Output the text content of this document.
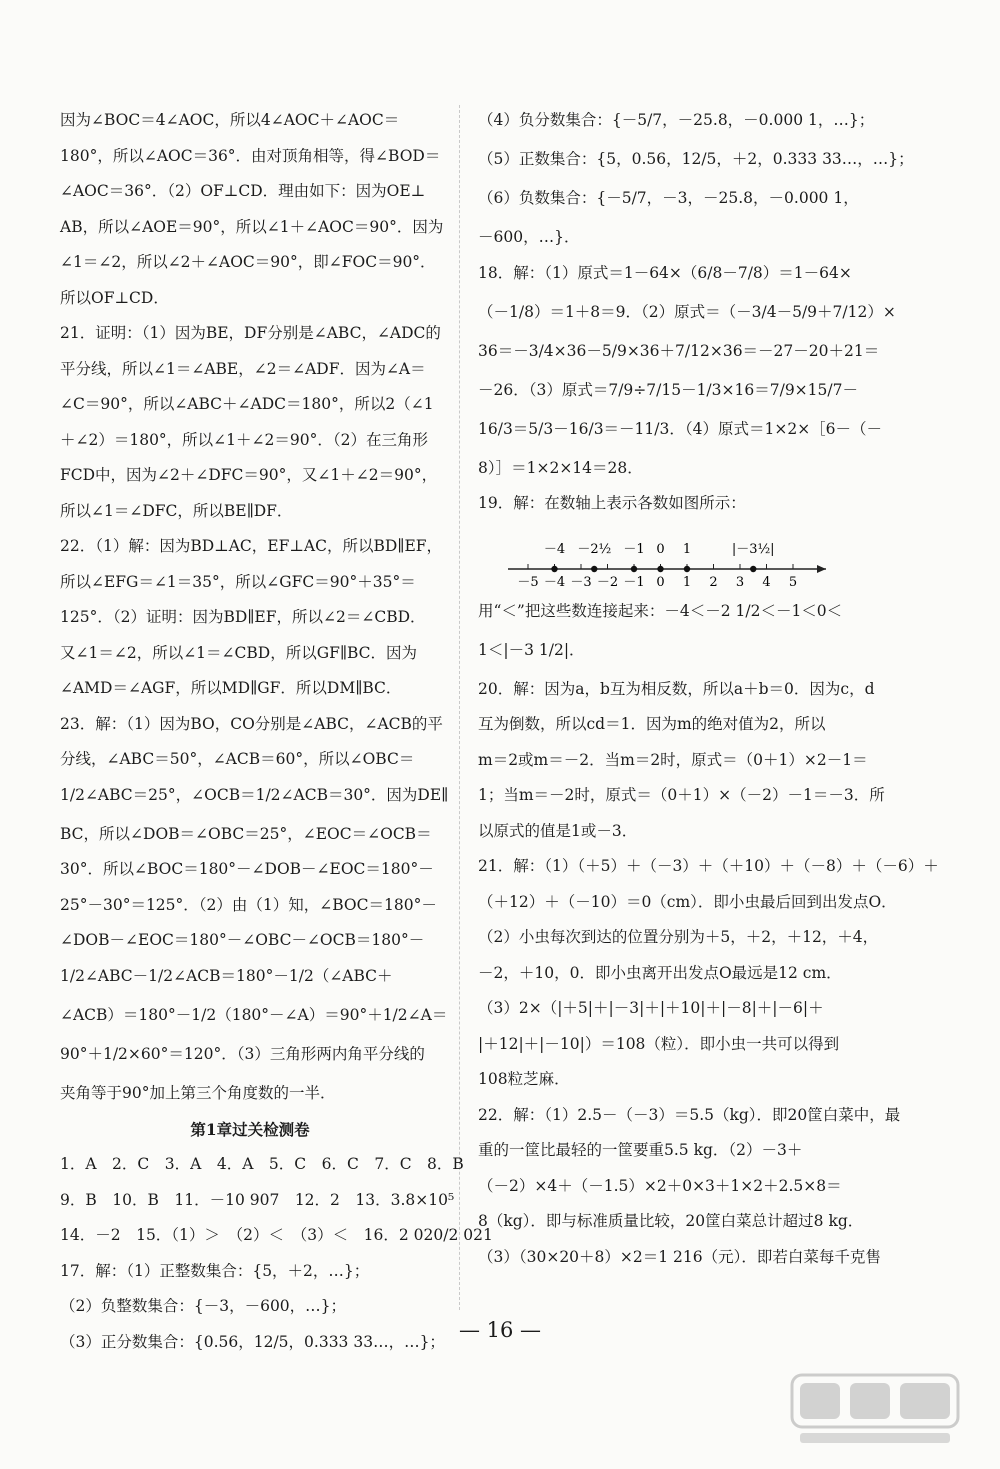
因为∠BOC＝4∠AOC，所以4∠AOC＋∠AOC＝
180°，所以∠AOC＝36°．由对顶角相等，得∠BOD＝
∠AOC＝36°．（2）OF⊥CD．理由如下：因为OE⊥
AB，所以∠AOE＝90°，所以∠1＋∠AOC＝90°．因为
∠1＝∠2，所以∠2＋∠AOC＝90°，即∠FOC＝90°．
所以OF⊥CD．
21．证明：（1）因为BE，DF分别是∠ABC，∠ADC的
平分线，所以∠1＝∠ABE，∠2＝∠ADF．因为∠A＝
∠C＝90°，所以∠ABC＋∠ADC＝180°，所以2（∠1
＋∠2）＝180°，所以∠1＋∠2＝90°．（2）在三角形
FCD中，因为∠2＋∠DFC＝90°，又∠1＋∠2＝90°，
所以∠1＝∠DFC，所以BE∥DF．
22．（1）解：因为BD⊥AC，EF⊥AC，所以BD∥EF，
所以∠EFG＝∠1＝35°，所以∠GFC＝90°＋35°＝
125°．（2）证明：因为BD∥EF，所以∠2＝∠CBD．
又∠1＝∠2，所以∠1＝∠CBD，所以GF∥BC．因为
∠AMD＝∠AGF，所以MD∥GF．所以DM∥BC．
23．解：（1）因为BO，CO分别是∠ABC，∠ACB的平
分线，∠ABC＝50°，∠ACB＝60°，所以∠OBC＝
1/2∠ABC＝25°，∠OCB＝1/2∠ACB＝30°．因为DE∥
BC，所以∠DOB＝∠OBC＝25°，∠EOC＝∠OCB＝
30°．所以∠BOC＝180°－∠DOB－∠EOC＝180°－
25°－30°＝125°．（2）由（1）知，∠BOC＝180°－
∠DOB－∠EOC＝180°－∠OBC－∠OCB＝180°－
1/2∠ABC－1/2∠ACB＝180°－1/2（∠ABC＋
∠ACB）＝180°－1/2（180°－∠A）＝90°＋1/2∠A＝
90°＋1/2×60°＝120°．（3）三角形两内角平分线的
夹角等于90°加上第三个角度数的一半．
第1章过关检测卷
1．A　2．C　3．A　4．A　5．C　6．C　7．C　8．B
9．B　10．B　11．－10 907　12．2　13．3.8×10⁵
14．－2　15．（1）＞　（2）＜　（3）＜　16．2 020/2 021
17．解：（1）正整数集合：{5，＋2，…}；
（2）负整数集合：{－3，－600，…}；
（3）正分数集合：{0.56，12/5，0.333 33…，…}；
（4）负分数集合：{－5/7，－25.8，－0.000 1，…}；
（5）正数集合：{5，0.56，12/5，＋2，0.333 33…，…}；
（6）负数集合：{－5/7，－3，－25.8，－0.000 1，
－600，…}．
18．解：（1）原式＝1－64×（6/8－7/8）＝1－64×
（－1/8）＝1＋8＝9．（2）原式＝（－3/4－5/9＋7/12）×
36＝－3/4×36－5/9×36＋7/12×36＝－27－20＋21＝
－26．（3）原式＝7/9÷7/15－1/3×16＝7/9×15/7－
16/3＝5/3－16/3＝－11/3．（4）原式＝1×2×［6－（－
8）］＝1×2×14＝28．
19．解：在数轴上表示各数如图所示：
－5 －4 －3 －2 －1 0 1 2 3 4 5
－4 －2½ －1 0 1	|－3½|
用“＜”把这些数连接起来：－4＜－2 1/2＜－1＜0＜
1＜|－3 1/2|．
20．解：因为a，b互为相反数，所以a＋b＝0．因为c，d
互为倒数，所以cd＝1．因为m的绝对值为2，所以
m＝2或m＝－2．当m＝2时，原式＝（0＋1）×2－1＝
1；当m＝－2时，原式＝（0＋1）×（－2）－1＝－3．所
以原式的值是1或－3．
21．解：（1）（＋5）＋（－3）＋（＋10）＋（－8）＋（－6）＋
（＋12）＋（－10）＝0（cm）．即小虫最后回到出发点O．
（2）小虫每次到达的位置分别为＋5，＋2，＋12，＋4，
－2，＋10，0．即小虫离开出发点O最远是12 cm．
（3）2×（|＋5|＋|－3|＋|＋10|＋|－8|＋|－6|＋
|＋12|＋|－10|）＝108（粒）．即小虫一共可以得到
108粒芝麻．
22．解：（1）2.5－（－3）＝5.5（kg）．即20筐白菜中，最
重的一筐比最轻的一筐要重5.5 kg．（2）－3＋
（－2）×4＋（－1.5）×2＋0×3＋1×2＋2.5×8＝
8（kg）．即与标准质量比较，20筐白菜总计超过8 kg．
（3）（30×20＋8）×2＝1 216（元）．即若白菜每千克售
— 16 —
